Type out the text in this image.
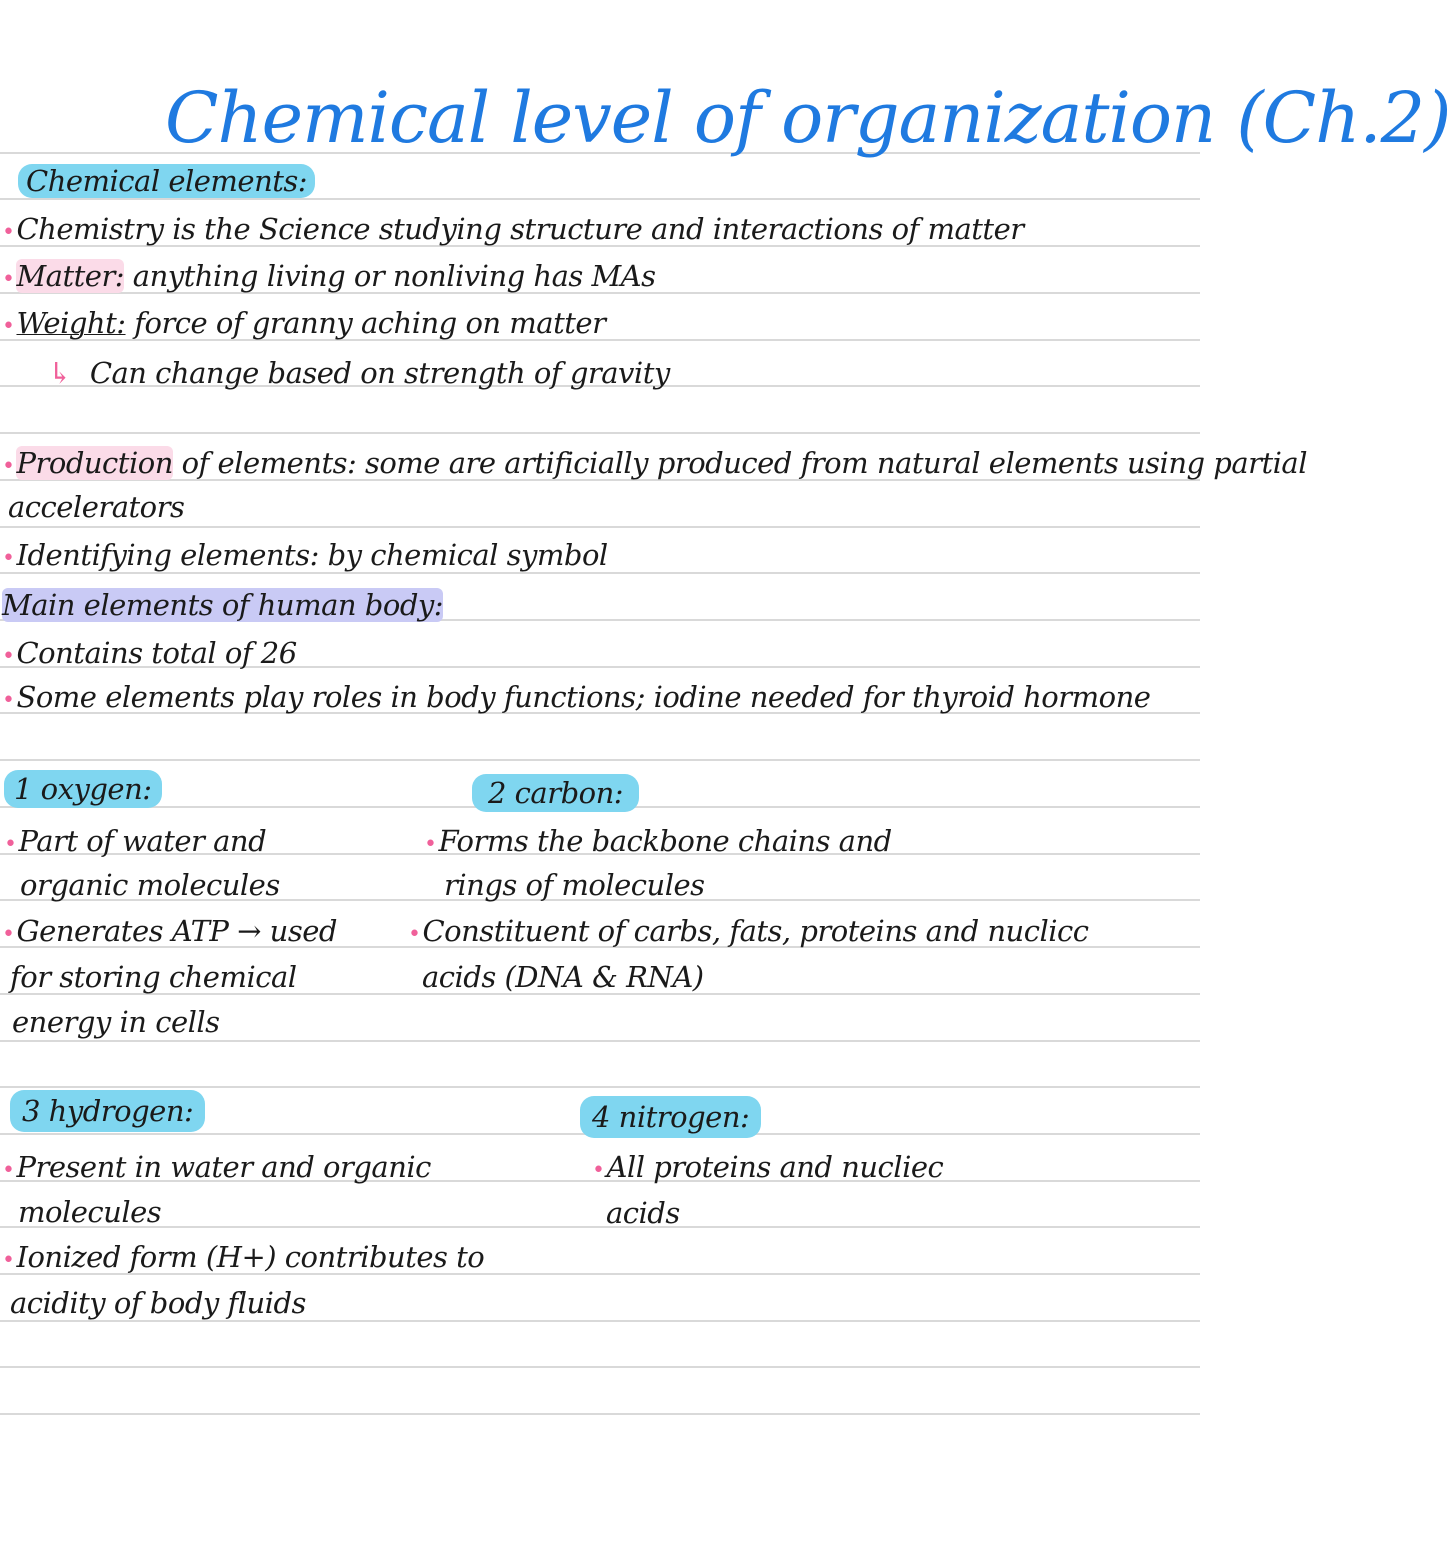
Chemical level of organization (Ch.2)
Chemical elements:
•Chemistry is the Science studying structure and interactions of matter
•Matter: anything living or nonliving has MAs
•Weight: force of granny aching on matter
↳ Can change based on strength of gravity
•Production of elements: some are artificially produced from natural elements using partial
accelerators
•Identifying elements: by chemical symbol
Main elements of human body:
•Contains total of 26
•Some elements play roles in body functions; iodine needed for thyroid hormone
1 oxygen:
•Part of water and
organic molecules
•Generates ATP → used
for storing chemical
energy in cells
2 carbon:
•Forms the backbone chains and
rings of molecules
•Constituent of carbs, fats, proteins and nuclicc
acids (DNA & RNA)
3 hydrogen:
•Present in water and organic
molecules
•Ionized form (H+) contributes to
acidity of body fluids
4 nitrogen:
•All proteins and nucliec
acids
